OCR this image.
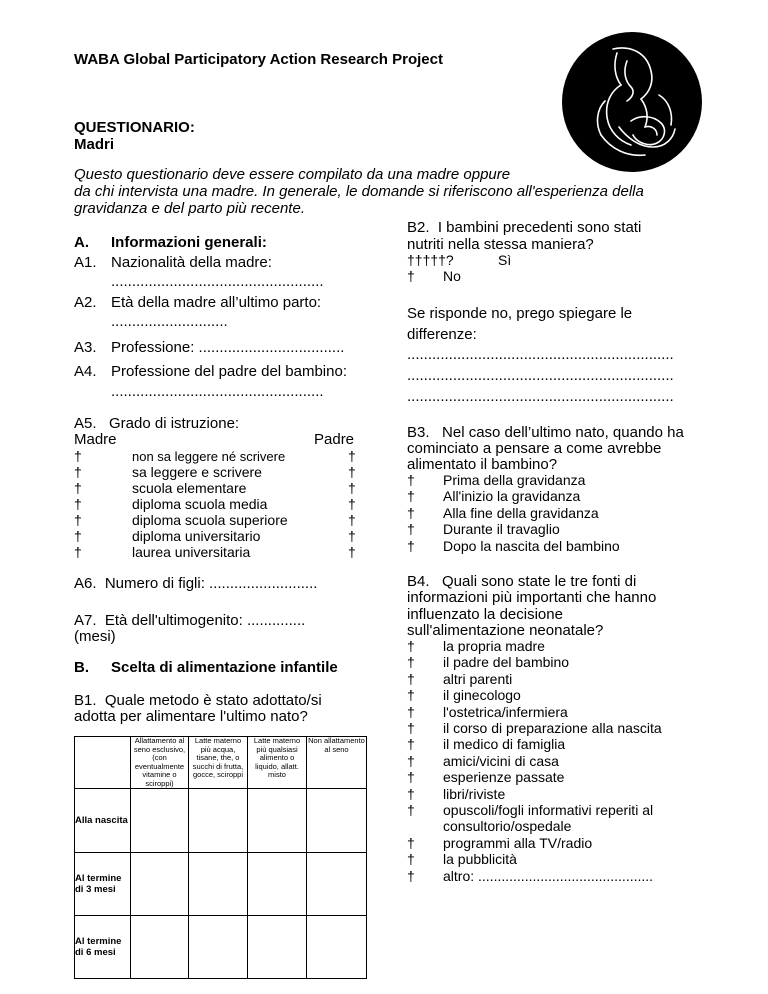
WABA Global Participatory Action Research Project
QUESTIONARIO:
Madri
Questo questionario deve essere compilato da una madre oppure
da chi intervista una madre. In generale, le domande si riferiscono all'esperienza della
gravidanza e del parto più recente.
A. Informazioni generali:
A1. Nazionalità della madre:
...................................................
A2. Età della madre all’ultimo parto:
............................
A3. Professione: ...................................
A4. Professione del padre del bambino:
...................................................
A5.   Grado di istruzione:
Madre	Padre
†	non sa leggere né scrivere	†
†	sa leggere e scrivere	†
†	scuola elementare	†
†	diploma scuola media	†
†	diploma scuola superiore	†
†	diploma universitario	†
†	laurea universitaria	†
A6.  Numero di figli: ..........................
A7.  Età dell'ultimogenito: ..............
(mesi)
B. Scelta di alimentazione infantile
B1.  Quale metodo è stato adottato/si
adotta per alimentare l'ultimo nato?
	Allattamento al seno esclusivo, (con eventualmente vitamine o sciroppi)	Latte materno più acqua, tisane, the, o succhi di frutta, gocce, sciroppi	Latte materno più qualsiasi alimento o liquido, allatt. misto	Non allattamento al seno
Alla nascita				
Al termine di 3 mesi				
Al termine di 6 mesi				
B2.  I bambini precedenti sono stati
nutriti nella stessa maniera?
†††††?	Sì
† No
Se risponde no, prego spiegare le
differenze:
................................................................
................................................................
................................................................
B3.   Nel caso dell’ultimo nato, quando ha
cominciato a pensare a come avrebbe
alimentato il bambino?
† Prima della gravidanza
† All'inizio la gravidanza
† Alla fine della gravidanza
† Durante il travaglio
† Dopo la nascita del bambino
B4.   Quali sono state le tre fonti di
informazioni più importanti che hanno
influenzato la decisione
sull'alimentazione neonatale?
† la propria madre
† il padre del bambino
† altri parenti
† il ginecologo
† l'ostetrica/infermiera
† il corso di preparazione alla nascita
† il medico di famiglia
† amici/vicini di casa
† esperienze passate
† libri/riviste
† opuscoli/fogli informativi reperiti al
consultorio/ospedale
† programmi alla TV/radio
† la pubblicità
† altro: .............................................
